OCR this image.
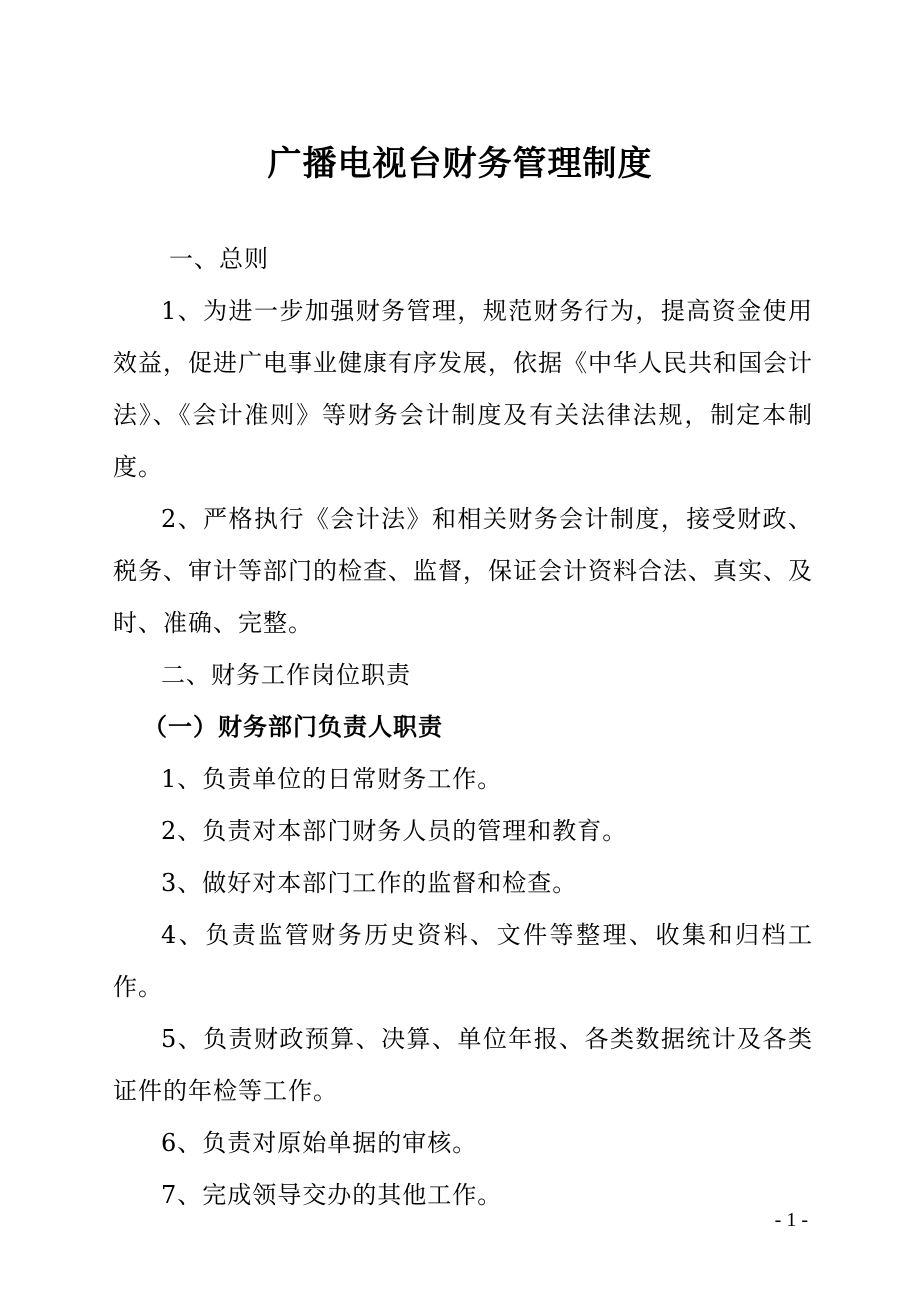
广播电视台财务管理制度

一、总则

1、为进一步加强财务管理，规范财务行为，提高资金使用效益，促进广电事业健康有序发展，依据《中华人民共和国会计法》、《会计准则》等财务会计制度及有关法律法规，制定本制度。

2、严格执行《会计法》和相关财务会计制度，接受财政、税务、审计等部门的检查、监督，保证会计资料合法、真实、及时、准确、完整。

二、财务工作岗位职责

（一）财务部门负责人职责

1、负责单位的日常财务工作。

2、负责对本部门财务人员的管理和教育。

3、做好对本部门工作的监督和检查。

4、负责监管财务历史资料、文件等整理、收集和归档工作。

5、负责财政预算、决算、单位年报、各类数据统计及各类证件的年检等工作。

6、负责对原始单据的审核。

7、完成领导交办的其他工作。

- 1 -
